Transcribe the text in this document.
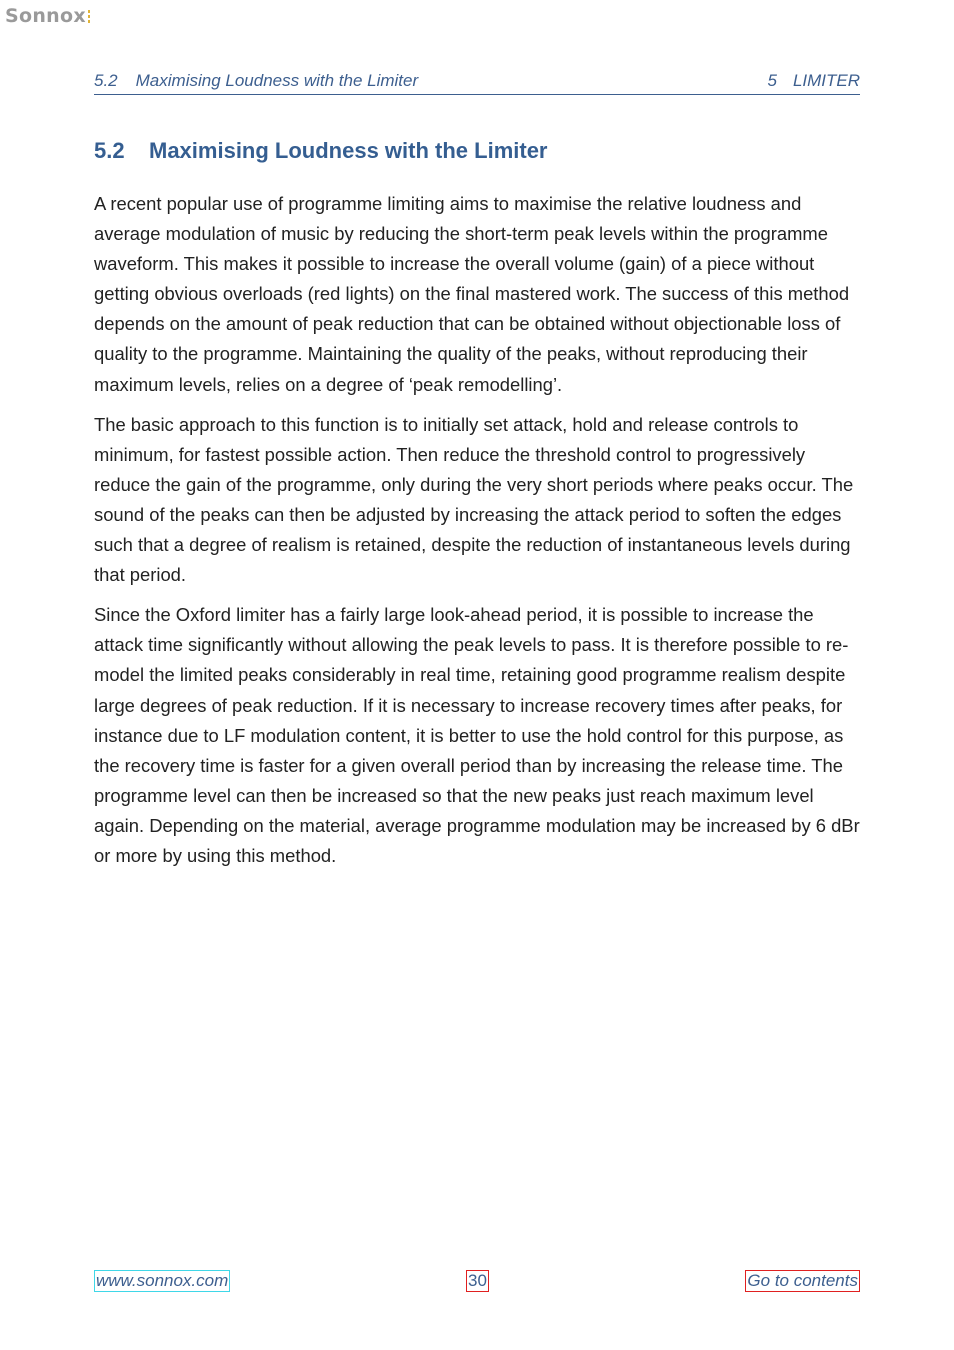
Sonnox
5.2 Maximising Loudness with the Limiter	5 LIMITER
5.2 Maximising Loudness with the Limiter

A recent popular use of programme limiting aims to maximise the relative loudness and average modulation of music by reducing the short-term peak levels within the programme waveform. This makes it possible to increase the overall volume (gain) of a piece without getting obvious overloads (red lights) on the final mastered work. The success of this method depends on the amount of peak reduction that can be obtained without objectionable loss of quality to the programme. Maintaining the quality of the peaks, without reproducing their maximum levels, relies on a degree of ‘peak remodelling’.

The basic approach to this function is to initially set attack, hold and release controls to minimum, for fastest possible action. Then reduce the threshold control to progressively reduce the gain of the programme, only during the very short periods where peaks occur. The sound of the peaks can then be adjusted by increasing the attack period to soften the edges such that a degree of realism is retained, despite the reduction of instantaneous levels during that period.

Since the Oxford limiter has a fairly large look-ahead period, it is possible to increase the attack time significantly without allowing the peak levels to pass. It is therefore possible to re-model the limited peaks considerably in real time, retaining good programme realism despite large degrees of peak reduction. If it is necessary to increase recovery times after peaks, for instance due to LF modulation content, it is better to use the hold control for this purpose, as the recovery time is faster for a given overall period than by increasing the release time. The programme level can then be increased so that the new peaks just reach maximum level again. Depending on the material, average programme modulation may be increased by 6 dBr or more by using this method.

www.sonnox.com	30	Go to contents
